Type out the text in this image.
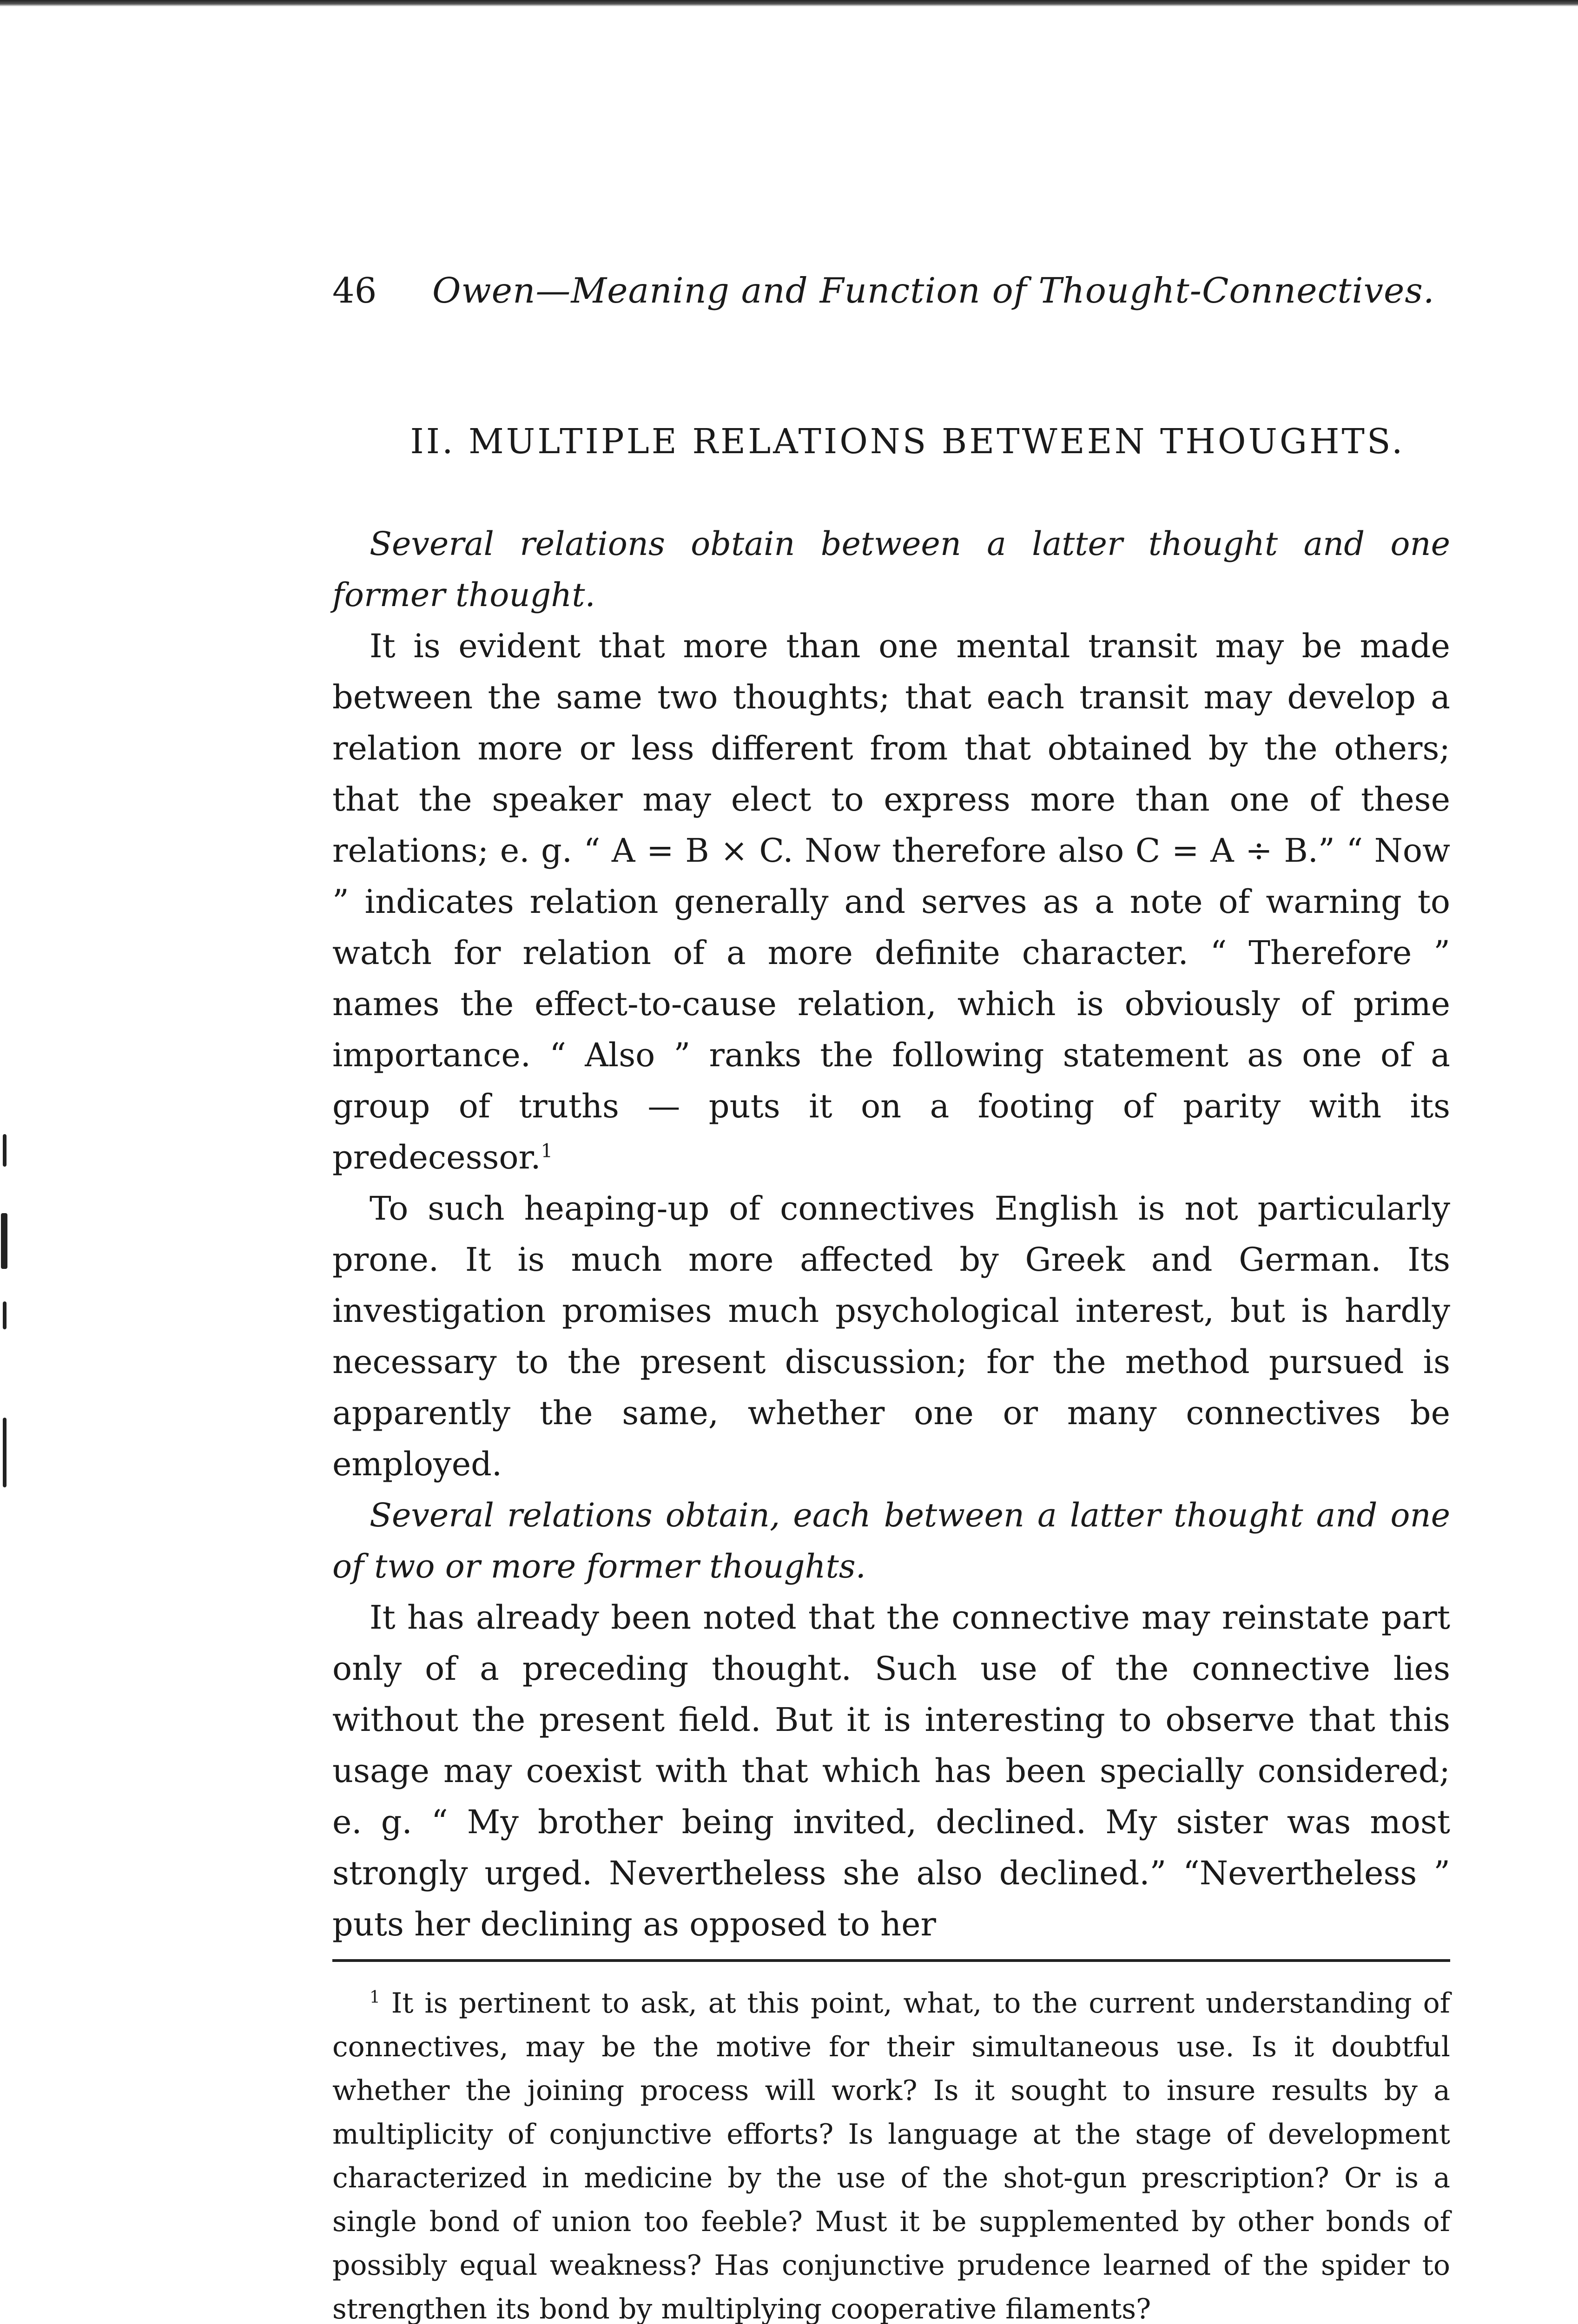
46 Owen—Meaning and Function of Thought-Connectives.
II. MULTIPLE RELATIONS BETWEEN THOUGHTS.

Several relations obtain between a latter thought and one former thought.

It is evident that more than one mental transit may be made between the same two thoughts; that each transit may develop a relation more or less different from that obtained by the others; that the speaker may elect to express more than one of these relations; e. g. “ A = B × C. Now therefore also C = A ÷ B.” “ Now ” indicates relation generally and serves as a note of warning to watch for relation of a more definite character. “ Therefore ” names the effect-to-cause relation, which is obviously of prime importance. “ Also ” ranks the following statement as one of a group of truths — puts it on a footing of parity with its predecessor.$^1$

To such heaping-up of connectives English is not particularly prone. It is much more affected by Greek and German. Its investigation promises much psychological interest, but is hardly necessary to the present discussion; for the method pursued is apparently the same, whether one or many connectives be employed.

Several relations obtain, each between a latter thought and one of two or more former thoughts.

It has already been noted that the connective may reinstate part only of a preceding thought. Such use of the connective lies without the present field. But it is interesting to observe that this usage may coexist with that which has been specially considered; e. g. “ My brother being invited, declined. My sister was most strongly urged. Nevertheless she also declined.” “Nevertheless ” puts her declining as opposed to her

$^1$ It is pertinent to ask, at this point, what, to the current understanding of connectives, may be the motive for their simultaneous use. Is it doubtful whether the joining process will work? Is it sought to insure results by a multiplicity of conjunctive efforts? Is language at the stage of development characterized in medicine by the use of the shot-gun prescription? Or is a single bond of union too feeble? Must it be supplemented by other bonds of possibly equal weakness? Has conjunctive prudence learned of the spider to strengthen its bond by multiplying cooperative filaments?
